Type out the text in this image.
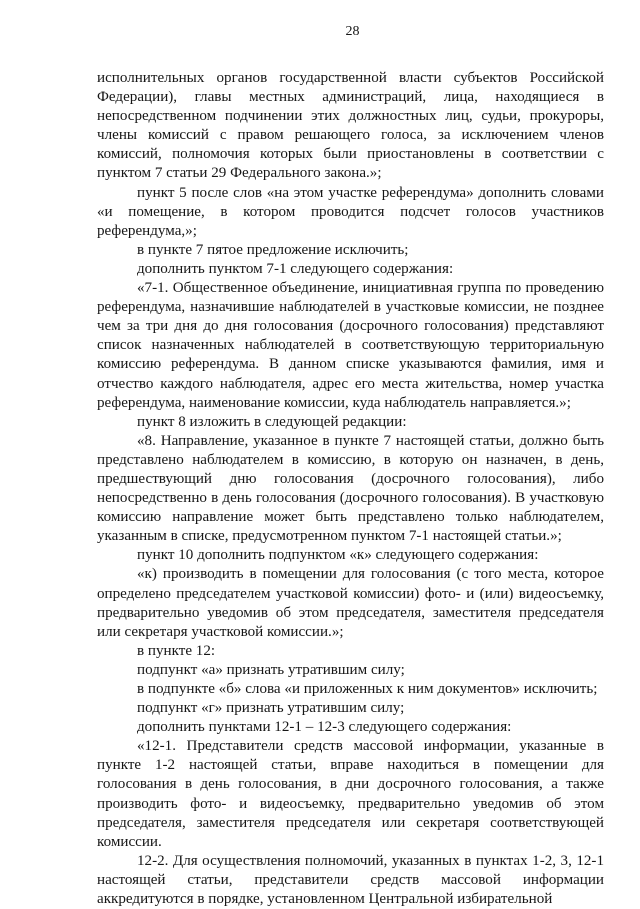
28

исполнительных органов государственной власти субъектов Российской Федерации), главы местных администраций, лица, находящиеся в непосредственном подчинении этих должностных лиц, судьи, прокуроры, члены комиссий с правом решающего голоса, за исключением членов комиссий, полномочия которых были приостановлены в соответствии с пунктом 7 статьи 29 Федерального закона.»;

пункт 5 после слов «на этом участке референдума» дополнить словами «и помещение, в котором проводится подсчет голосов участников референдума,»;

в пункте 7 пятое предложение исключить;

дополнить пунктом 7-1 следующего содержания:

«7-1. Общественное объединение, инициативная группа по проведению референдума, назначившие наблюдателей в участковые комиссии, не позднее чем за три дня до дня голосования (досрочного голосования) представляют список назначенных наблюдателей в соответствующую территориальную комиссию референдума. В данном списке указываются фамилия, имя и отчество каждого наблюдателя, адрес его места жительства, номер участка референдума, наименование комиссии, куда наблюдатель направляется.»;

пункт 8 изложить в следующей редакции:

«8. Направление, указанное в пункте 7 настоящей статьи, должно быть представлено наблюдателем в комиссию, в которую он назначен, в день, предшествующий дню голосования (досрочного голосования), либо непосредственно в день голосования (досрочного голосования). В участковую комиссию направление может быть представлено только наблюдателем, указанным в списке, предусмотренном пунктом 7-1 настоящей статьи.»;

пункт 10 дополнить подпунктом «к» следующего содержания:

«к) производить в помещении для голосования (с того места, которое определено председателем участковой комиссии) фото- и (или) видеосъемку, предварительно уведомив об этом председателя, заместителя председателя или секретаря участковой комиссии.»;

в пункте 12:

подпункт «а» признать утратившим силу;

в подпункте «б» слова «и приложенных к ним документов» исключить;

подпункт «г» признать утратившим силу;

дополнить пунктами 12-1 – 12-3 следующего содержания:

«12-1. Представители средств массовой информации, указанные в пункте 1-2 настоящей статьи, вправе находиться в помещении для голосования в день голосования, в дни досрочного голосования, а также производить фото- и видеосъемку, предварительно уведомив об этом председателя, заместителя председателя или секретаря соответствующей комиссии.

12-2. Для осуществления полномочий, указанных в пунктах 1-2, 3, 12-1 настоящей статьи, представители средств массовой информации аккредитуются в порядке, установленном Центральной избирательной
